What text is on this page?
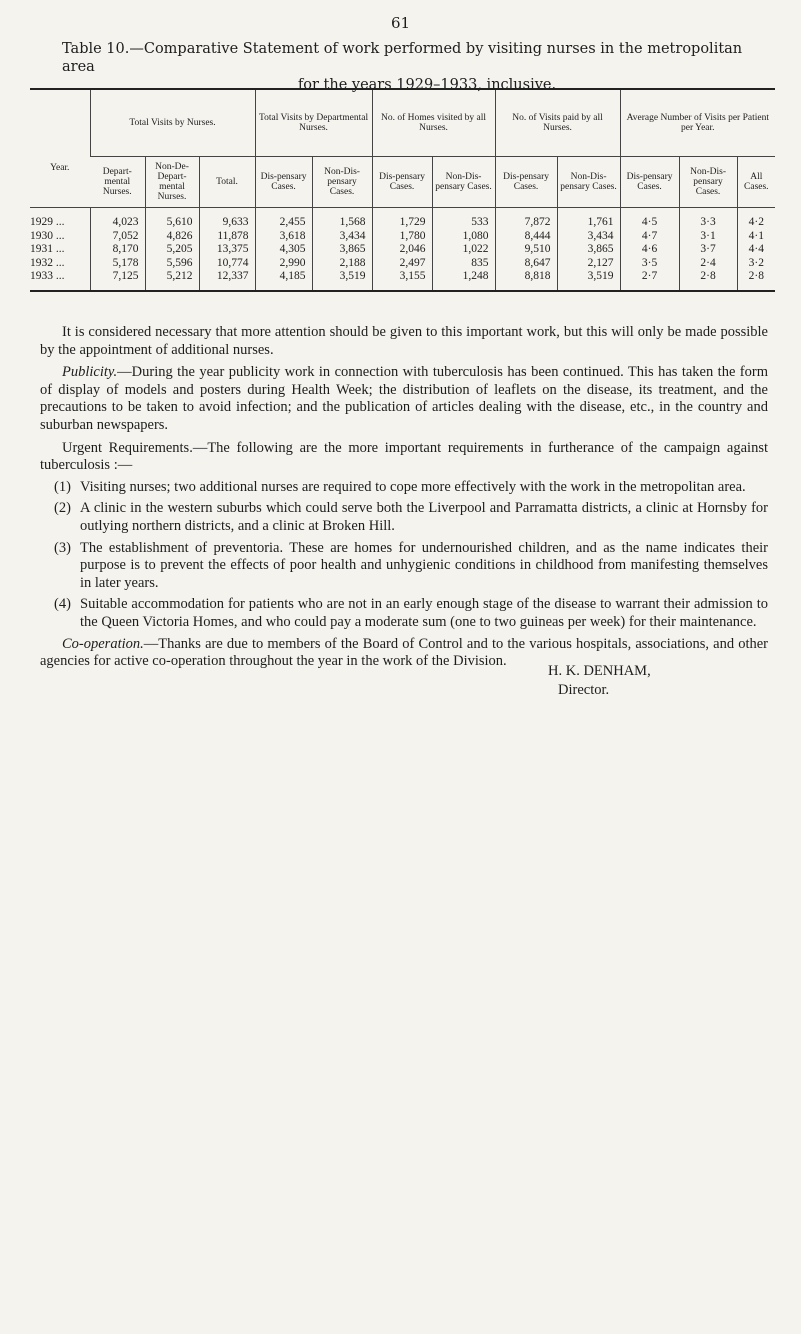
61
Table 10.—Comparative Statement of work performed by visiting nurses in the metropolitan area
for the years 1929–1933, inclusive.
Year.	Total Visits by Nurses.			Total Visits by Departmental Nurses.		No. of Homes visited by all Nurses.		No. of Visits paid by all Nurses.		Average Number of Visits per Patient per Year.		
	Depart-mental Nurses.	Non-De-Depart-mental Nurses.	Total.	Dis-pensary Cases.	Non-Dis-pensary Cases.	Dis-pensary Cases.	Non-Dis-pensary Cases.	Dis-pensary Cases.	Non-Dis-pensary Cases.	Dis-pensary Cases.	Non-Dis-pensary Cases.	All Cases.
1929 ...	4,023	5,610	9,633	2,455	1,568	1,729	533	7,872	1,761	4·5	3·3	4·2
1930 ...	7,052	4,826	11,878	3,618	3,434	1,780	1,080	8,444	3,434	4·7	3·1	4·1
1931 ...	8,170	5,205	13,375	4,305	3,865	2,046	1,022	9,510	3,865	4·6	3·7	4·4
1932 ...	5,178	5,596	10,774	2,990	2,188	2,497	835	8,647	2,127	3·5	2·4	3·2
1933 ...	7,125	5,212	12,337	4,185	3,519	3,155	1,248	8,818	3,519	2·7	2·8	2·8

It is considered necessary that more attention should be given to this important work, but this will only be made possible by the appointment of additional nurses.

Publicity.—During the year publicity work in connection with tuberculosis has been continued. This has taken the form of display of models and posters during Health Week; the distribution of leaflets on the disease, its treatment, and the precautions to be taken to avoid infection; and the publication of articles dealing with the disease, etc., in the country and suburban newspapers.

Urgent Requirements.—The following are the more important requirements in furtherance of the campaign against tuberculosis :—

(1) Visiting nurses; two additional nurses are required to cope more effectively with the work in the metropolitan area.
(2) A clinic in the western suburbs which could serve both the Liverpool and Parramatta districts, a clinic at Hornsby for outlying northern districts, and a clinic at Broken Hill.
(3) The establishment of preventoria. These are homes for undernourished children, and as the name indicates their purpose is to prevent the effects of poor health and unhygienic conditions in childhood from manifesting themselves in later years.
(4) Suitable accommodation for patients who are not in an early enough stage of the disease to warrant their admission to the Queen Victoria Homes, and who could pay a moderate sum (one to two guineas per week) for their maintenance.

Co-operation.—Thanks are due to members of the Board of Control and to the various hospitals, associations, and other agencies for active co-operation throughout the year in the work of the Division.

H. K. DENHAM,
Director.
